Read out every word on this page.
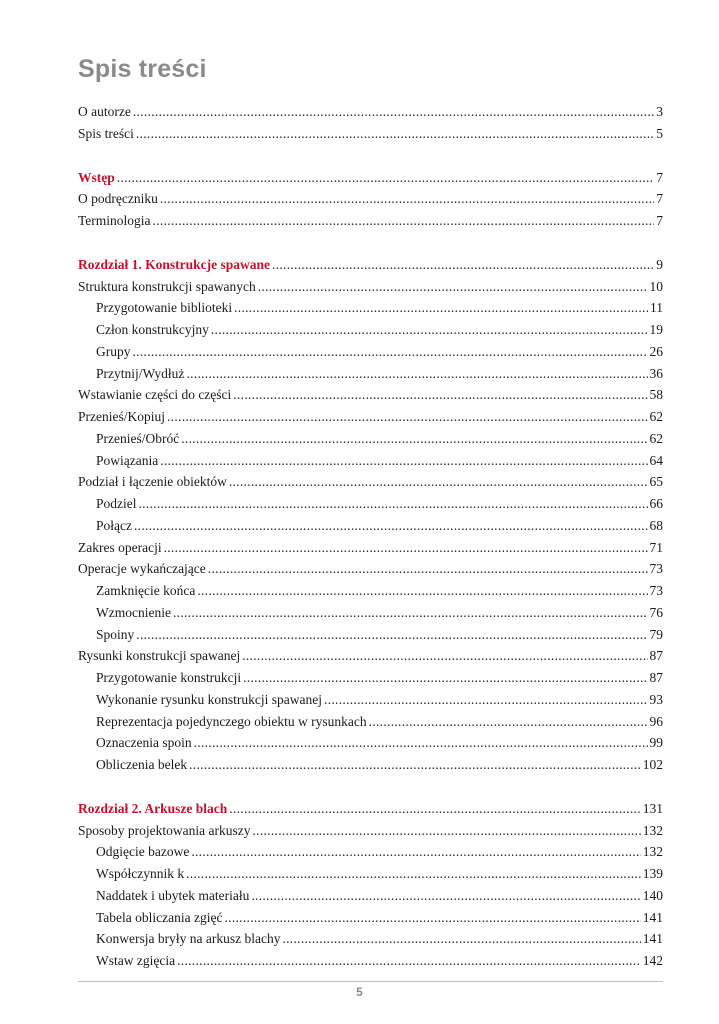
Spis treści
O autorze .....	3
Spis treści .....	5
Wstęp .....	7
O podręczniku .....	7
Terminologia .....	7
Rozdział 1. Konstrukcje spawane .....	9
Struktura konstrukcji spawanych .....	10
Przygotowanie biblioteki .....	11
Człon konstrukcyjny .....	19
Grupy .....	26
Przytnij/Wydłuż .....	36
Wstawianie części do części .....	58
Przenieś/Kopiuj .....	62
Przenieś/Obróć .....	62
Powiązania .....	64
Podział i łączenie obiektów .....	65
Podziel .....	66
Połącz .....	68
Zakres operacji .....	71
Operacje wykańczające .....	73
Zamknięcie końca .....	73
Wzmocnienie .....	76
Spoiny .....	79
Rysunki konstrukcji spawanej .....	87
Przygotowanie konstrukcji .....	87
Wykonanie rysunku konstrukcji spawanej .....	93
Reprezentacja pojedynczego obiektu w rysunkach .....	96
Oznaczenia spoin .....	99
Obliczenia belek .....	102
Rozdział 2. Arkusze blach .....	131
Sposoby projektowania arkuszy .....	132
Odgięcie bazowe .....	132
Współczynnik k .....	139
Naddatek i ubytek materiału .....	140
Tabela obliczania zgięć .....	141
Konwersja bryły na arkusz blachy .....	141
Wstaw zgięcia .....	142
5
